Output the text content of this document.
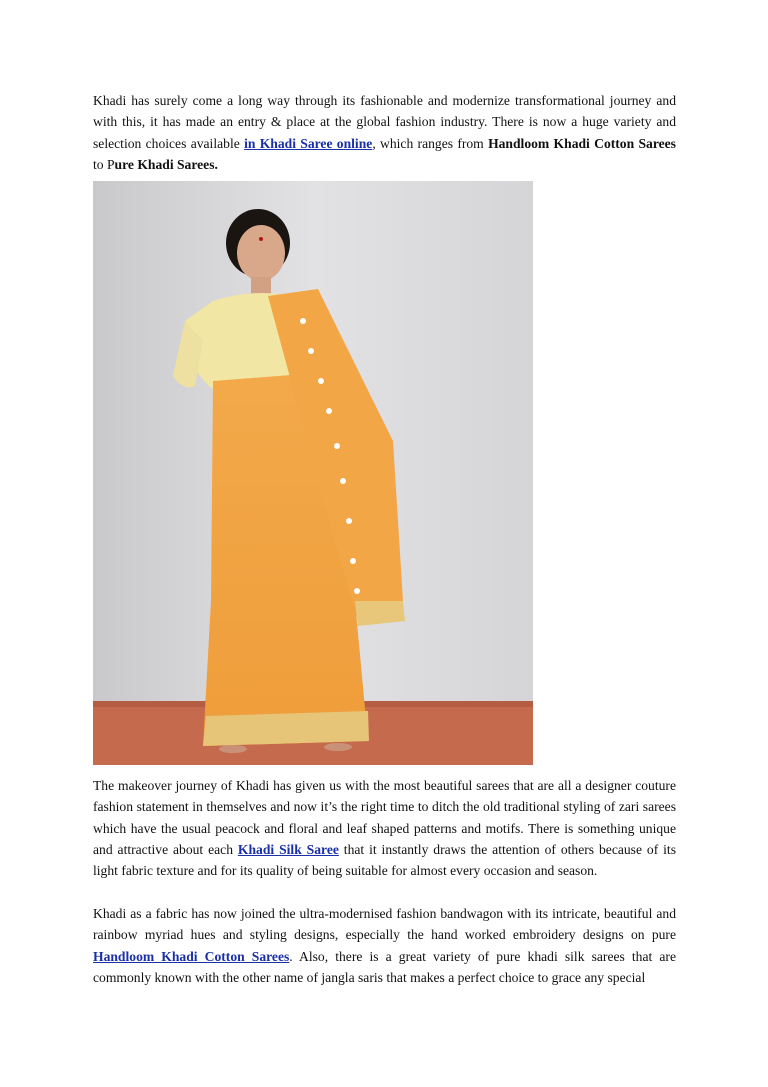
Khadi has surely come a long way through its fashionable and modernize transformational journey and with this, it has made an entry & place at the global fashion industry. There is now a huge variety and selection choices available in Khadi Saree online, which ranges from Handloom Khadi Cotton Sarees to Pure Khadi Sarees.

The makeover journey of Khadi has given us with the most beautiful sarees that are all a designer couture fashion statement in themselves and now it’s the right time to ditch the old traditional styling of zari sarees which have the usual peacock and floral and leaf shaped patterns and motifs. There is something unique and attractive about each Khadi Silk Saree that it instantly draws the attention of others because of its light fabric texture and for its quality of being suitable for almost every occasion and season.

Khadi as a fabric has now joined the ultra-modernised fashion bandwagon with its intricate, beautiful and rainbow myriad hues and styling designs, especially the hand worked embroidery designs on pure Handloom Khadi Cotton Sarees. Also, there is a great variety of pure khadi silk sarees that are commonly known with the other name of jangla saris that makes a perfect choice to grace any special
